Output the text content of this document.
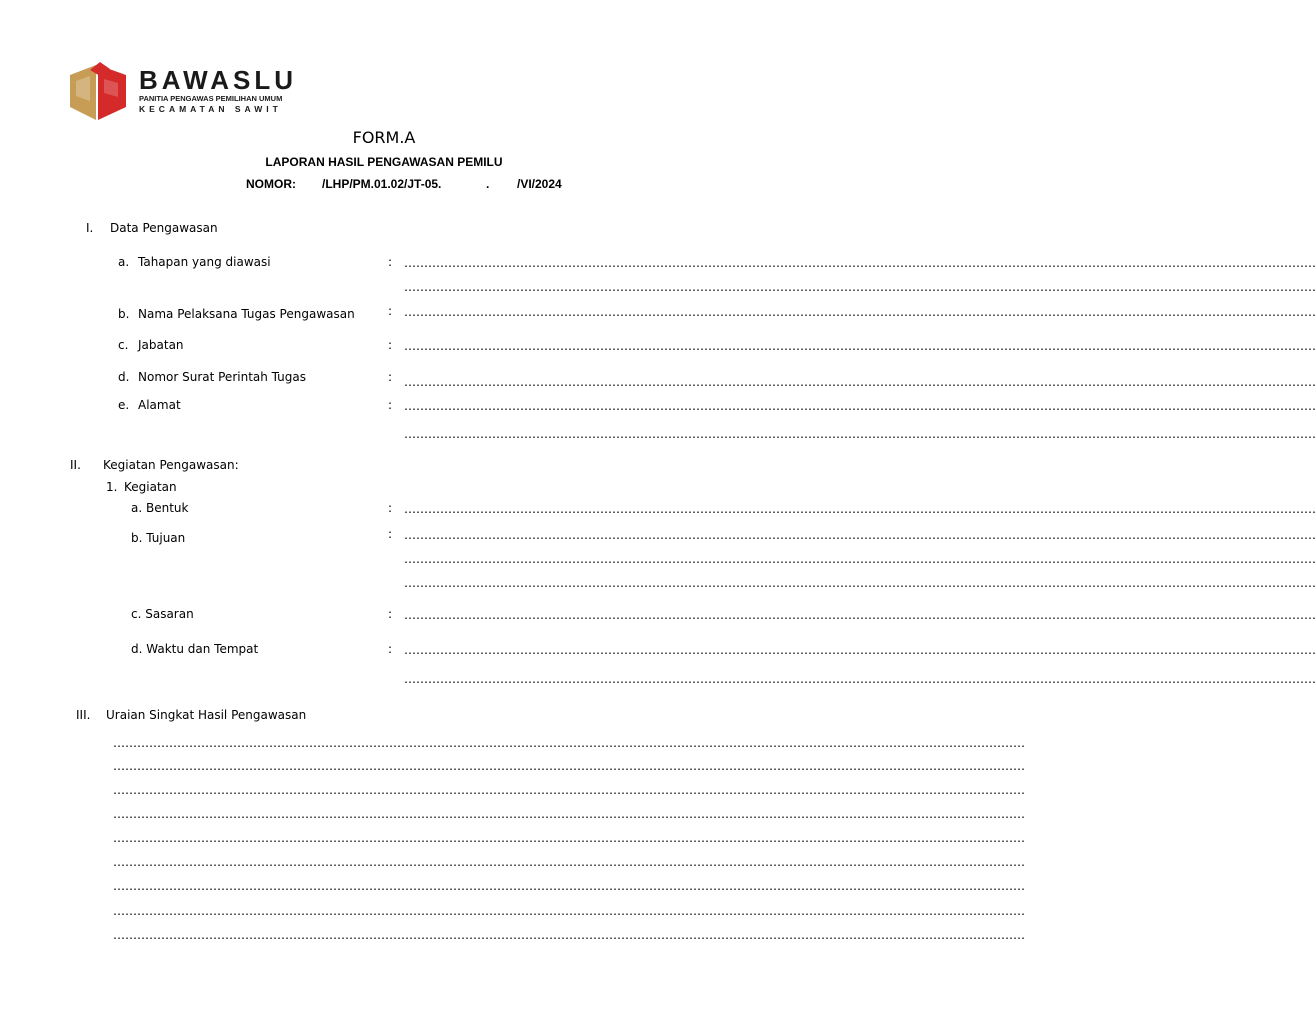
BAWASLU
PANITIA PENGAWAS PEMILIHAN UMUM
KECAMATAN SAWIT
FORM.A
LAPORAN HASIL PENGAWASAN PEMILU
NOMOR: /LHP/PM.01.02/JT-05.	. /VI/2024
I. Data Pengawasan
a. Tahapan yang diawasi	: …………………………………………………………………………………………………………………………………………………………………………………………………………
…………………………………………………………………………………………………………………………………………………………………………………………………………
b. Nama Pelaksana Tugas Pengawasan	: …………………………………………………………………………………………………………………………………………………………………………………………………………
c. Jabatan	: …………………………………………………………………………………………………………………………………………………………………………………………………………
d. Nomor Surat Perintah Tugas	: …………………………………………………………………………………………………………………………………………………………………………………………………………
e. Alamat	: …………………………………………………………………………………………………………………………………………………………………………………………………………
…………………………………………………………………………………………………………………………………………………………………………………………………………
II. Kegiatan Pengawasan:
1. Kegiatan
a. Bentuk	: …………………………………………………………………………………………………………………………………………………………………………………………………………
b. Tujuan	: …………………………………………………………………………………………………………………………………………………………………………………………………………
…………………………………………………………………………………………………………………………………………………………………………………………………………
…………………………………………………………………………………………………………………………………………………………………………………………………………
c. Sasaran	: …………………………………………………………………………………………………………………………………………………………………………………………………………
d. Waktu dan Tempat	: …………………………………………………………………………………………………………………………………………………………………………………………………………
…………………………………………………………………………………………………………………………………………………………………………………………………………
III. Uraian Singkat Hasil Pengawasan
…………………………………………………………………………………………………………………………………………………………………………………………………………
…………………………………………………………………………………………………………………………………………………………………………………………………………
…………………………………………………………………………………………………………………………………………………………………………………………………………
…………………………………………………………………………………………………………………………………………………………………………………………………………
…………………………………………………………………………………………………………………………………………………………………………………………………………
…………………………………………………………………………………………………………………………………………………………………………………………………………
…………………………………………………………………………………………………………………………………………………………………………………………………………
…………………………………………………………………………………………………………………………………………………………………………………………………………
…………………………………………………………………………………………………………………………………………………………………………………………………………
